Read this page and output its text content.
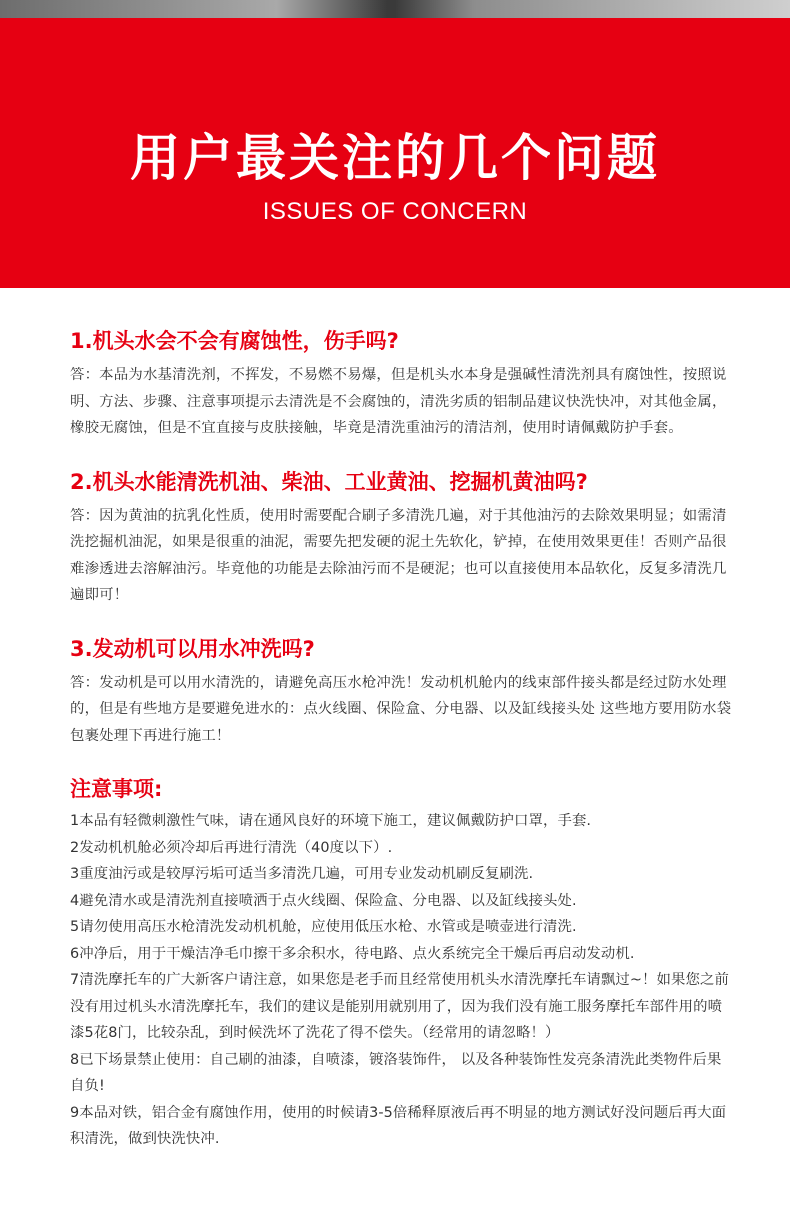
用户最关注的几个问题
ISSUES OF CONCERN
1.机头水会不会有腐蚀性，伤手吗?
答：本品为水基清洗剂，不挥发，不易燃不易爆，但是机头水本身是强碱性清洗剂具有腐蚀性，按照说明、方法、步骤、注意事项提示去清洗是不会腐蚀的，清洗劣质的铝制品建议快洗快冲，对其他金属，橡胶无腐蚀，但是不宜直接与皮肤接触，毕竟是清洗重油污的清洁剂，使用时请佩戴防护手套。
2.机头水能清洗机油、柴油、工业黄油、挖掘机黄油吗?
答：因为黄油的抗乳化性质，使用时需要配合刷子多清洗几遍，对于其他油污的去除效果明显；如需清洗挖掘机油泥，如果是很重的油泥，需要先把发硬的泥土先软化，铲掉，在使用效果更佳！否则产品很难渗透进去溶解油污。毕竟他的功能是去除油污而不是硬泥；也可以直接使用本品软化，反复多清洗几遍即可！
3.发动机可以用水冲洗吗?
答：发动机是可以用水清洗的，请避免高压水枪冲洗！发动机机舱内的线束部件接头都是经过防水处理的，但是有些地方是要避免进水的：点火线圈、保险盒、分电器、以及缸线接头处 这些地方要用防水袋包裹处理下再进行施工！
注意事项:
1本品有轻微刺激性气味，请在通风良好的环境下施工，建议佩戴防护口罩，手套.
2发动机机舱必须冷却后再进行清洗（40度以下）.
3重度油污或是较厚污垢可适当多清洗几遍，可用专业发动机刷反复刷洗.
4避免清水或是清洗剂直接喷洒于点火线圈、保险盒、分电器、以及缸线接头处.
5请勿使用高压水枪清洗发动机机舱，应使用低压水枪、水管或是喷壶进行清洗.
6冲净后，用于干燥洁净毛巾擦干多余积水，待电路、点火系统完全干燥后再启动发动机.
7清洗摩托车的广大新客户请注意，如果您是老手而且经常使用机头水清洗摩托车请飘过~！如果您之前没有用过机头水清洗摩托车，我们的建议是能别用就别用了，因为我们没有施工服务摩托车部件用的喷漆5花8门，比较杂乱，到时候洗坏了洗花了得不偿失。（经常用的请忽略！）
8已下场景禁止使用：自己刷的油漆，自喷漆，镀洛装饰件， 以及各种装饰性发亮条清洗此类物件后果自负!
9本品对铁，铝合金有腐蚀作用，使用的时候请3-5倍稀释原液后再不明显的地方测试好没问题后再大面积清洗，做到快洗快冲.
